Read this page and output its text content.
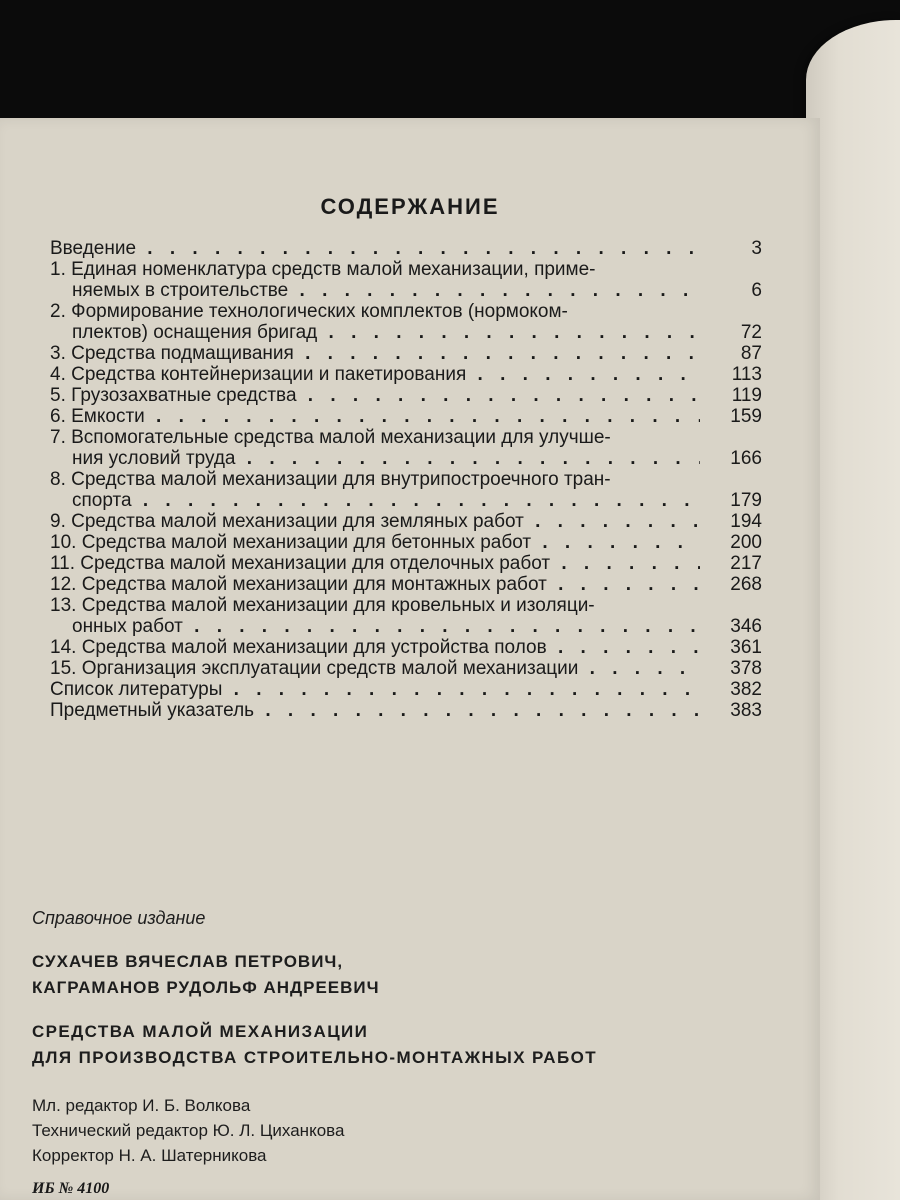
СОДЕРЖАНИЕ
Введение . .	3
1. Единая номенклатура средств малой механизации, приме-
няемых в строительстве . .	6
2. Формирование технологических комплектов (нормоком-
плектов) оснащения бригад . .	72
3. Средства подмащивания . .	87
4. Средства контейнеризации и пакетирования . .	113
5. Грузозахватные средства . .	119
6. Емкости . .	159
7. Вспомогательные средства малой механизации для улучше-
ния условий труда . .	166
8. Средства малой механизации для внутрипостроечного тран-
спорта . .	179
9. Средства малой механизации для земляных работ . .	194
10. Средства малой механизации для бетонных работ . .	200
11. Средства малой механизации для отделочных работ . .	217
12. Средства малой механизации для монтажных работ . .	268
13. Средства малой механизации для кровельных и изоляци-
онных работ . .	346
14. Средства малой механизации для устройства полов . .	361
15. Организация эксплуатации средств малой механизации . .	378
Список литературы . .	382
Предметный указатель . .	383
Справочное издание
СУХАЧЕВ ВЯЧЕСЛАВ ПЕТРОВИЧ,
КАГРАМАНОВ РУДОЛЬФ АНДРЕЕВИЧ
СРЕДСТВА МАЛОЙ МЕХАНИЗАЦИИ
ДЛЯ ПРОИЗВОДСТВА СТРОИТЕЛЬНО-МОНТАЖНЫХ РАБОТ
Мл. редактор И. Б. Волкова
Технический редактор Ю. Л. Циханкова
Корректор Н. А. Шатерникова
ИБ № 4100
